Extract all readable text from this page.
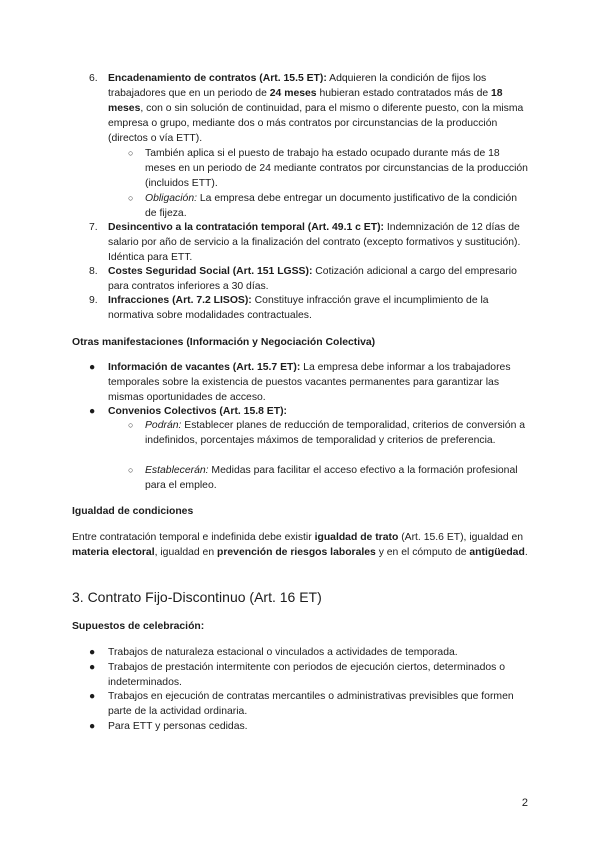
6. Encadenamiento de contratos (Art. 15.5 ET): Adquieren la condición de fijos los trabajadores que en un periodo de 24 meses hubieran estado contratados más de 18 meses, con o sin solución de continuidad, para el mismo o diferente puesto, con la misma empresa o grupo, mediante dos o más contratos por circunstancias de la producción (directos o vía ETT).
○ También aplica si el puesto de trabajo ha estado ocupado durante más de 18 meses en un periodo de 24 mediante contratos por circunstancias de la producción (incluidos ETT).
○ Obligación: La empresa debe entregar un documento justificativo de la condición de fijeza.
7. Desincentivo a la contratación temporal (Art. 49.1 c ET): Indemnización de 12 días de salario por año de servicio a la finalización del contrato (excepto formativos y sustitución). Idéntica para ETT.
8. Costes Seguridad Social (Art. 151 LGSS): Cotización adicional a cargo del empresario para contratos inferiores a 30 días.
9. Infracciones (Art. 7.2 LISOS): Constituye infracción grave el incumplimiento de la normativa sobre modalidades contractuales.
Otras manifestaciones (Información y Negociación Colectiva)
● Información de vacantes (Art. 15.7 ET): La empresa debe informar a los trabajadores temporales sobre la existencia de puestos vacantes permanentes para garantizar las mismas oportunidades de acceso.
● Convenios Colectivos (Art. 15.8 ET):
○ Podrán: Establecer planes de reducción de temporalidad, criterios de conversión a indefinidos, porcentajes máximos de temporalidad y criterios de preferencia.
○ Establecerán: Medidas para facilitar el acceso efectivo a la formación profesional para el empleo.
Igualdad de condiciones
Entre contratación temporal e indefinida debe existir igualdad de trato (Art. 15.6 ET), igualdad en materia electoral, igualdad en prevención de riesgos laborales y en el cómputo de antigüedad.
3. Contrato Fijo-Discontinuo (Art. 16 ET)
Supuestos de celebración:
● Trabajos de naturaleza estacional o vinculados a actividades de temporada.
● Trabajos de prestación intermitente con periodos de ejecución ciertos, determinados o indeterminados.
● Trabajos en ejecución de contratas mercantiles o administrativas previsibles que formen parte de la actividad ordinaria.
● Para ETT y personas cedidas.
2
